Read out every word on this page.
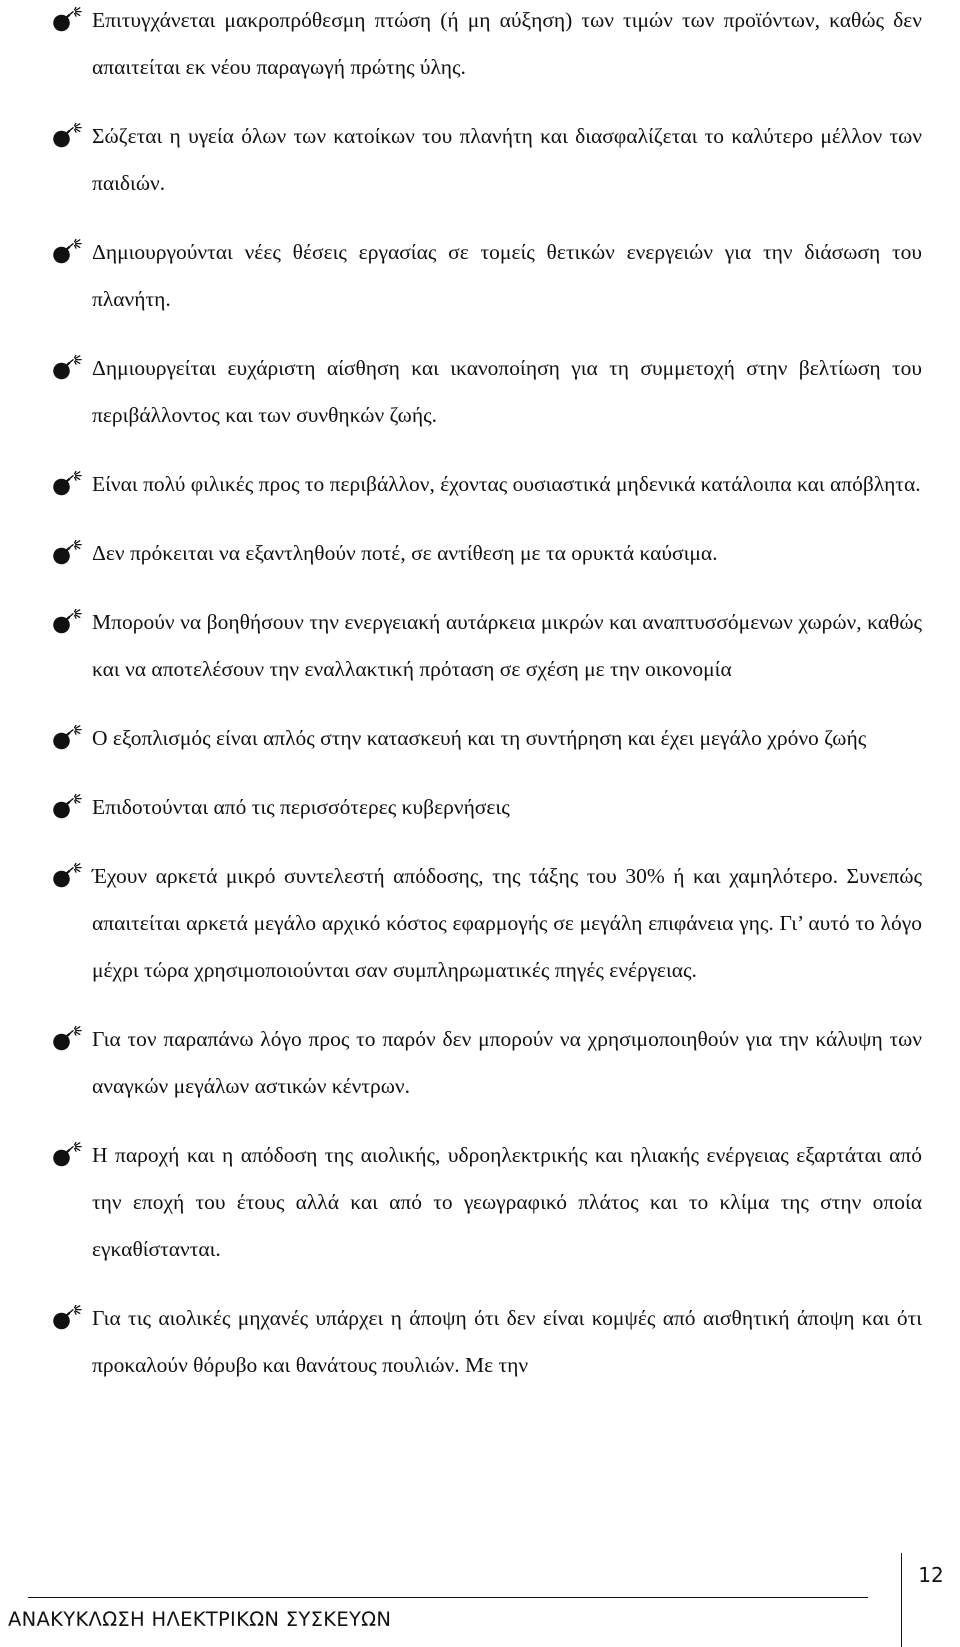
Επιτυγχάνεται μακροπρόθεσμη πτώση (ή μη αύξηση) των τιμών των προϊόντων, καθώς δεν απαιτείται εκ νέου παραγωγή πρώτης ύλης.
Σώζεται η υγεία όλων των κατοίκων του πλανήτη και διασφαλίζεται το καλύτερο μέλλον των παιδιών.
Δημιουργούνται νέες θέσεις εργασίας σε τομείς θετικών ενεργειών για την διάσωση του πλανήτη.
Δημιουργείται ευχάριστη αίσθηση και ικανοποίηση για τη συμμετοχή στην βελτίωση του περιβάλλοντος και των συνθηκών ζωής.
Είναι πολύ φιλικές προς το περιβάλλον, έχοντας ουσιαστικά μηδενικά κατάλοιπα και απόβλητα.
Δεν πρόκειται να εξαντληθούν ποτέ, σε αντίθεση με τα ορυκτά καύσιμα.
Μπορούν να βοηθήσουν την ενεργειακή αυτάρκεια μικρών και αναπτυσσόμενων χωρών, καθώς και να αποτελέσουν την εναλλακτική πρόταση σε σχέση με την οικονομία
Ο εξοπλισμός είναι απλός στην κατασκευή και τη συντήρηση και έχει μεγάλο χρόνο ζωής
Επιδοτούνται από τις περισσότερες κυβερνήσεις
Έχουν αρκετά μικρό συντελεστή απόδοσης, της τάξης του 30% ή και χαμηλότερο. Συνεπώς απαιτείται αρκετά μεγάλο αρχικό κόστος εφαρμογής σε μεγάλη επιφάνεια γης. Γι’ αυτό το λόγο μέχρι τώρα χρησιμοποιούνται σαν συμπληρωματικές πηγές ενέργειας.
Για τον παραπάνω λόγο προς το παρόν δεν μπορούν να χρησιμοποιηθούν για την κάλυψη των αναγκών μεγάλων αστικών κέντρων.
Η παροχή και η απόδοση της αιολικής, υδροηλεκτρικής και ηλιακής ενέργειας εξαρτάται από την εποχή του έτους αλλά και από το γεωγραφικό πλάτος και το κλίμα της στην οποία εγκαθίστανται.
Για τις αιολικές μηχανές υπάρχει η άποψη ότι δεν είναι κομψές από αισθητική άποψη και ότι προκαλούν θόρυβο και θανάτους πουλιών. Με την
ΑΝΑΚΥΚΛΩΣΗ ΗΛΕΚΤΡΙΚΩΝ ΣΥΣΚΕΥΩΝ
12
